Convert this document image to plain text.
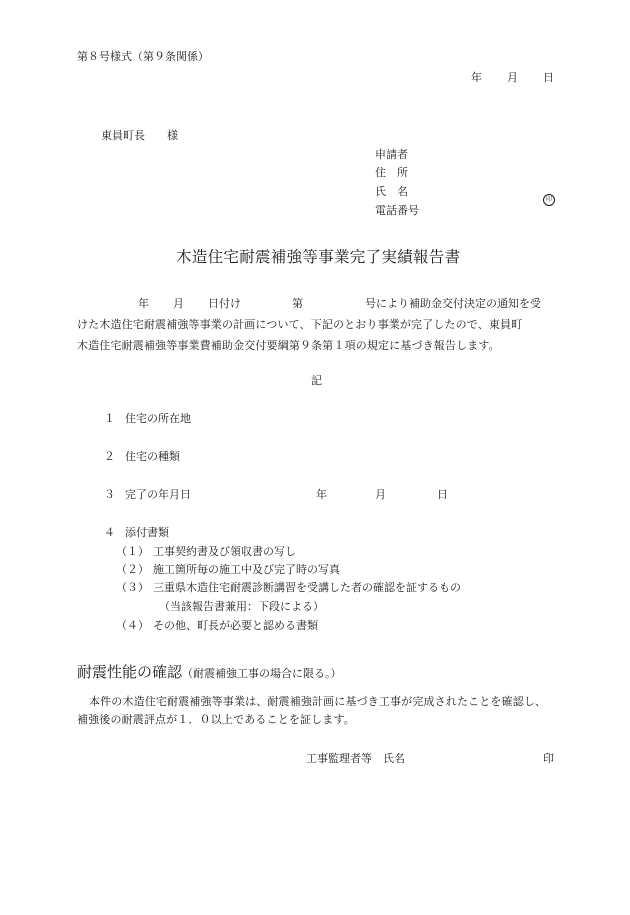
第８号様式（第９条関係）
年 月 日
東員町長 様
申請者
住　所
氏　名
印
電話番号
木造住宅耐震補強等事業完了実績報告書
年 月 日付け	第	号により補助金交付決定の通知を受
けた木造住宅耐震補強等事業の計画について、下記のとおり事業が完了したので、東員町
木造住宅耐震補強等事業費補助金交付要綱第９条第１項の規定に基づき報告します。
記
１ 住宅の所在地
２ 住宅の種類
３ 完了の年月日	年	月	日
４ 添付書類
（１） 工事契約書及び領収書の写し
（２） 施工箇所毎の施工中及び完了時の写真
（３） 三重県木造住宅耐震診断講習を受講した者の確認を証するもの
（当該報告書兼用：下段による）
（４） その他、町長が必要と認める書類
耐震性能の確認（耐震補強工事の場合に限る。）
本件の木造住宅耐震補強等事業は、耐震補強計画に基づき工事が完成されたことを確認し、
補強後の耐震評点が１．０以上であることを証します。
工事監理者等　氏名	印
